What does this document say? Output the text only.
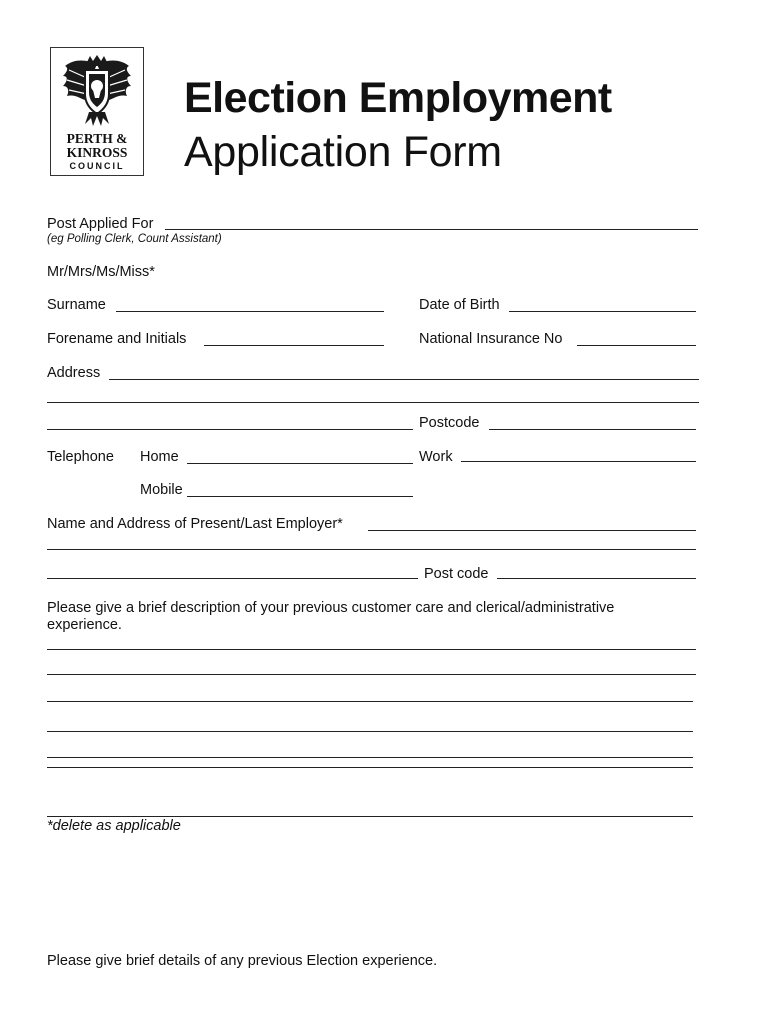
PERTH &
KINROSS
COUNCIL
Election Employment
Application Form
Post Applied For
(eg Polling Clerk, Count Assistant)
Mr/Mrs/Ms/Miss*
Surname	Date of Birth
Forename and Initials	National Insurance No
Address
Postcode
Telephone Home	Work
Mobile
Name and Address of Present/Last Employer*
Post code
Please give a brief description of your previous customer care and clerical/administrative experience.
*delete as applicable
Please give brief details of any previous Election experience.
